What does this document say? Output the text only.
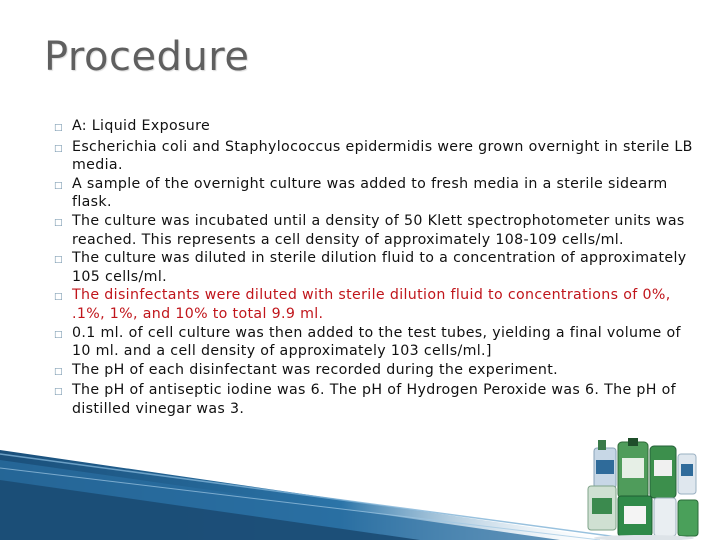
Procedure
□ A: Liquid Exposure
□ Escherichia coli and Staphylococcus epidermidis were grown overnight in sterile LB media.
□ A sample of the overnight culture was added to fresh media in a sterile sidearm flask.
□ The culture was incubated until a density of 50 Klett spectrophotometer units was reached. This represents a cell density of approximately 108-109 cells/ml.
□ The culture was diluted in sterile dilution fluid to a concentration of approximately 105 cells/ml.
□ The disinfectants were diluted with sterile dilution fluid to concentrations of 0%, .1%, 1%, and 10% to total 9.9 ml.
□ 0.1 ml. of cell culture was then added to the test tubes, yielding a final volume of 10 ml. and a cell density of approximately 103 cells/ml.]
□ The pH of each disinfectant was recorded during the experiment.
□ The pH of antiseptic iodine was 6. The pH of Hydrogen Peroxide was 6. The pH of distilled vinegar was 3.
